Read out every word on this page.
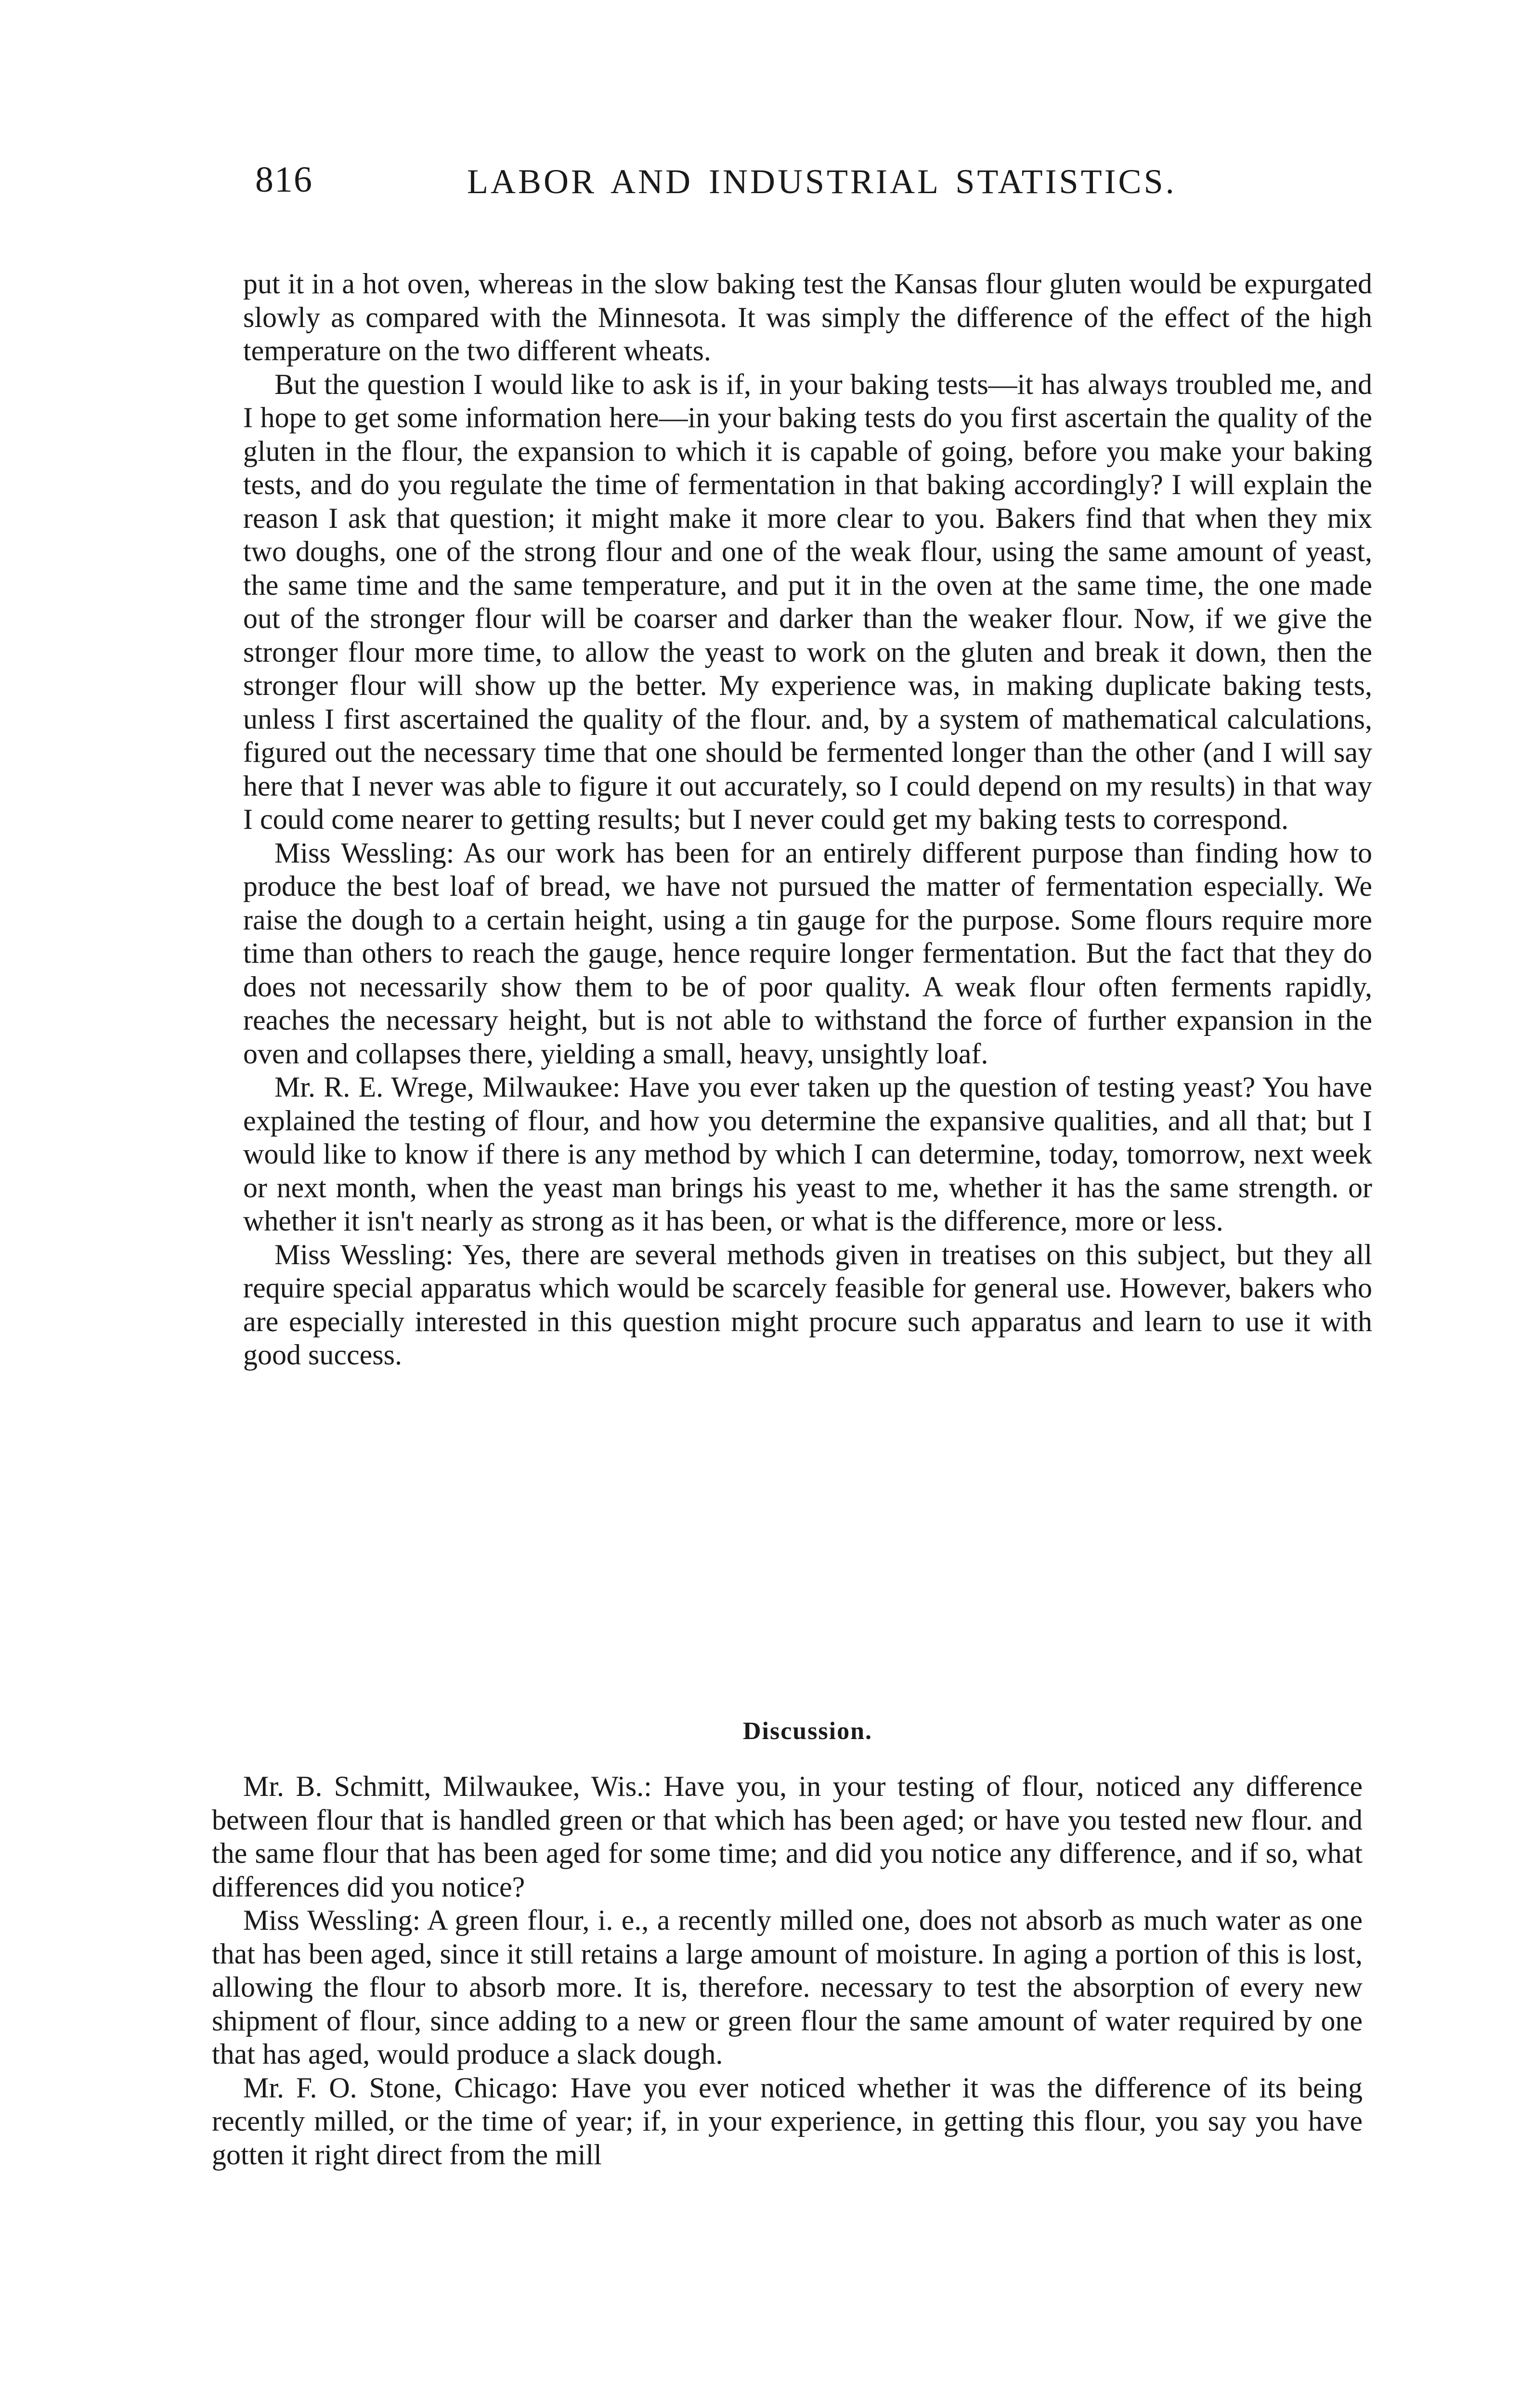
816	LABOR AND INDUSTRIAL STATISTICS.

put it in a hot oven, whereas in the slow baking test the Kansas flour gluten would be expurgated slowly as compared with the Minnesota. It was simply the difference of the effect of the high temperature on the two different wheats.

But the question I would like to ask is if, in your baking tests—it has always troubled me, and I hope to get some information here—in your baking tests do you first ascertain the quality of the gluten in the flour, the expansion to which it is capable of going, before you make your baking tests, and do you regulate the time of fermentation in that baking accordingly? I will explain the reason I ask that question; it might make it more clear to you. Bakers find that when they mix two doughs, one of the strong flour and one of the weak flour, using the same amount of yeast, the same time and the same temperature, and put it in the oven at the same time, the one made out of the stronger flour will be coarser and darker than the weaker flour. Now, if we give the stronger flour more time, to allow the yeast to work on the gluten and break it down, then the stronger flour will show up the better. My experience was, in making duplicate baking tests, unless I first ascertained the quality of the flour. and, by a system of mathematical calculations, figured out the necessary time that one should be fermented longer than the other (and I will say here that I never was able to figure it out accurately, so I could depend on my results) in that way I could come nearer to getting results; but I never could get my baking tests to correspond.

Miss Wessling: As our work has been for an entirely different purpose than finding how to produce the best loaf of bread, we have not pursued the matter of fermentation especially. We raise the dough to a certain height, using a tin gauge for the purpose. Some flours require more time than others to reach the gauge, hence require longer fermentation. But the fact that they do does not necessarily show them to be of poor quality. A weak flour often ferments rapidly, reaches the necessary height, but is not able to withstand the force of further expansion in the oven and collapses there, yielding a small, heavy, unsightly loaf.

Mr. R. E. Wrege, Milwaukee: Have you ever taken up the question of testing yeast? You have explained the testing of flour, and how you determine the expansive qualities, and all that; but I would like to know if there is any method by which I can determine, today, tomorrow, next week or next month, when the yeast man brings his yeast to me, whether it has the same strength. or whether it isn't nearly as strong as it has been, or what is the difference, more or less.

Miss Wessling: Yes, there are several methods given in treatises on this subject, but they all require special apparatus which would be scarcely feasible for general use. However, bakers who are especially interested in this question might procure such apparatus and learn to use it with good success.

Discussion.

Mr. B. Schmitt, Milwaukee, Wis.: Have you, in your testing of flour, noticed any difference between flour that is handled green or that which has been aged; or have you tested new flour. and the same flour that has been aged for some time; and did you notice any difference, and if so, what differences did you notice?

Miss Wessling: A green flour, i. e., a recently milled one, does not absorb as much water as one that has been aged, since it still retains a large amount of moisture. In aging a portion of this is lost, allowing the flour to absorb more. It is, therefore. necessary to test the absorption of every new shipment of flour, since adding to a new or green flour the same amount of water required by one that has aged, would produce a slack dough.

Mr. F. O. Stone, Chicago: Have you ever noticed whether it was the difference of its being recently milled, or the time of year; if, in your experience, in getting this flour, you say you have gotten it right direct from the mill
